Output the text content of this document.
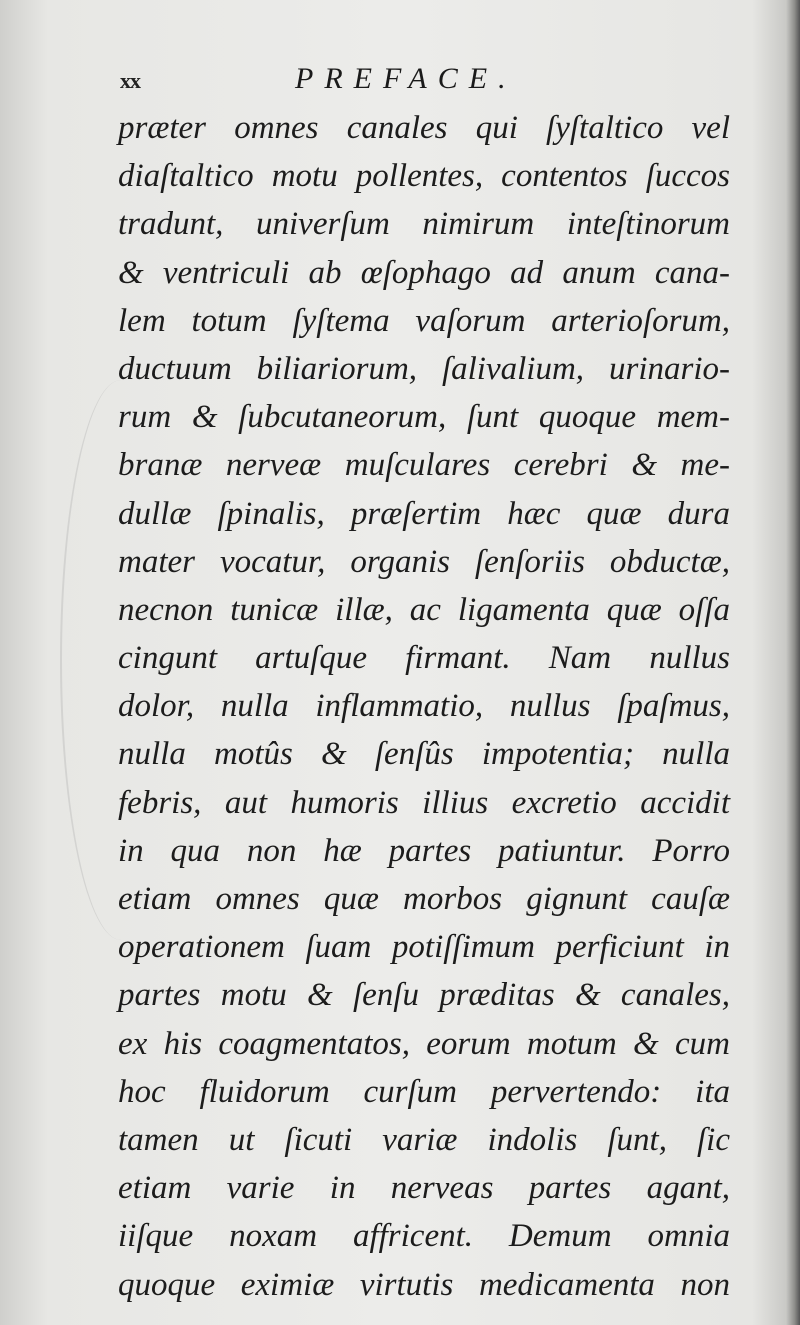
xx	PREFACE.
præter omnes canales qui ſyſtaltico vel
diaſtaltico motu pollentes, contentos ſuccos
tradunt, univerſum nimirum inteſtinorum
& ventriculi ab œſophago ad anum cana-
lem totum ſyſtema vaſorum arterioſorum,
ductuum biliariorum, ſalivalium, urinario-
rum & ſubcutaneorum, ſunt quoque mem-
branæ nerveæ muſculares cerebri & me-
dullæ ſpinalis, præſertim hæc quæ dura
mater vocatur, organis ſenſoriis obductæ,
necnon tunicæ illæ, ac ligamenta quæ oſſa
cingunt artuſque firmant. Nam nullus
dolor, nulla inflammatio, nullus ſpaſmus,
nulla motûs & ſenſûs impotentia; nulla
febris, aut humoris illius excretio accidit
in qua non hæ partes patiuntur. Porro
etiam omnes quæ morbos gignunt cauſæ
operationem ſuam potiſſimum perficiunt in
partes motu & ſenſu præditas & canales,
ex his coagmentatos, eorum motum & cum
hoc fluidorum curſum pervertendo: ita
tamen ut ſicuti variæ indolis ſunt, ſic
etiam varie in nerveas partes agant,
iiſque noxam affricent. Demum omnia
quoque eximiæ virtutis medicamenta non
